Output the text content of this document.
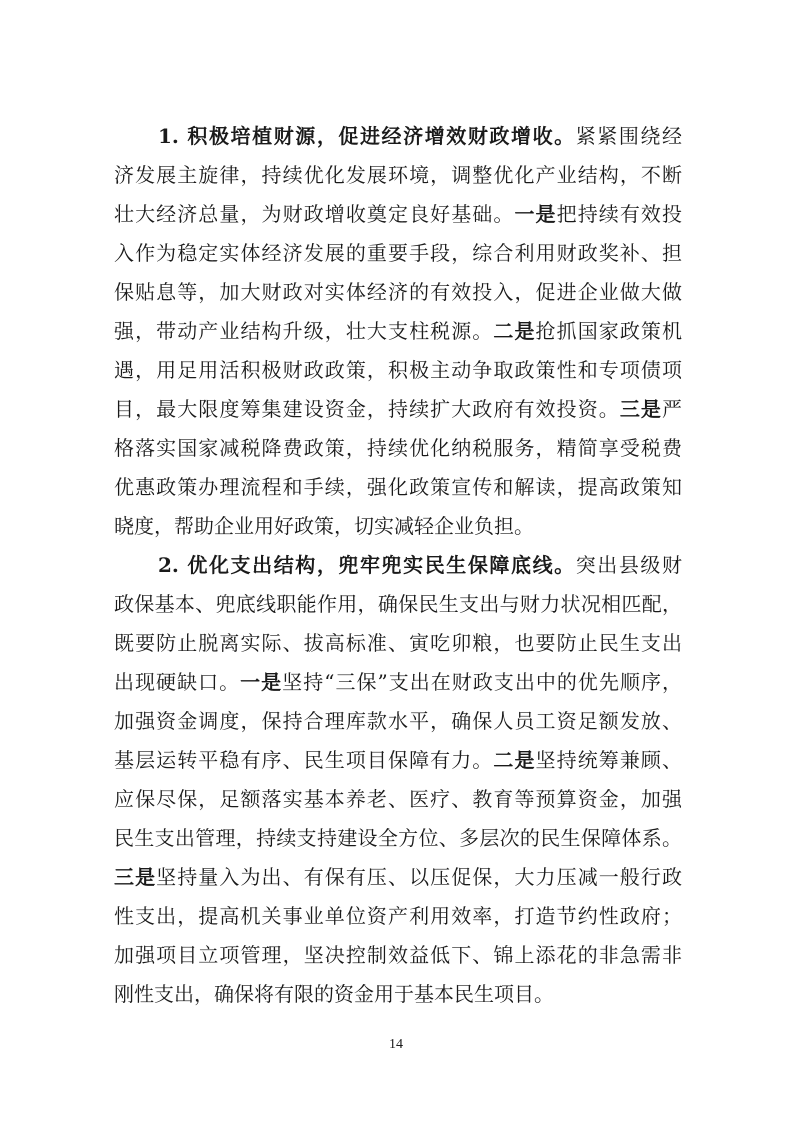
1. 积极培植财源，促进经济增效财政增收。紧紧围绕经
济发展主旋律，持续优化发展环境，调整优化产业结构，不断
壮大经济总量，为财政增收奠定良好基础。一是把持续有效投
入作为稳定实体经济发展的重要手段，综合利用财政奖补、担
保贴息等，加大财政对实体经济的有效投入，促进企业做大做
强，带动产业结构升级，壮大支柱税源。二是抢抓国家政策机
遇，用足用活积极财政政策，积极主动争取政策性和专项债项
目，最大限度筹集建设资金，持续扩大政府有效投资。三是严
格落实国家减税降费政策，持续优化纳税服务，精简享受税费
优惠政策办理流程和手续，强化政策宣传和解读，提高政策知
晓度，帮助企业用好政策，切实减轻企业负担。
2. 优化支出结构，兜牢兜实民生保障底线。突出县级财
政保基本、兜底线职能作用，确保民生支出与财力状况相匹配，
既要防止脱离实际、拔高标准、寅吃卯粮，也要防止民生支出
出现硬缺口。一是坚持“三保”支出在财政支出中的优先顺序，
加强资金调度，保持合理库款水平，确保人员工资足额发放、
基层运转平稳有序、民生项目保障有力。二是坚持统筹兼顾、
应保尽保，足额落实基本养老、医疗、教育等预算资金，加强
民生支出管理，持续支持建设全方位、多层次的民生保障体系。
三是坚持量入为出、有保有压、以压促保，大力压减一般行政
性支出，提高机关事业单位资产利用效率，打造节约性政府；
加强项目立项管理，坚决控制效益低下、锦上添花的非急需非
刚性支出，确保将有限的资金用于基本民生项目。
14
